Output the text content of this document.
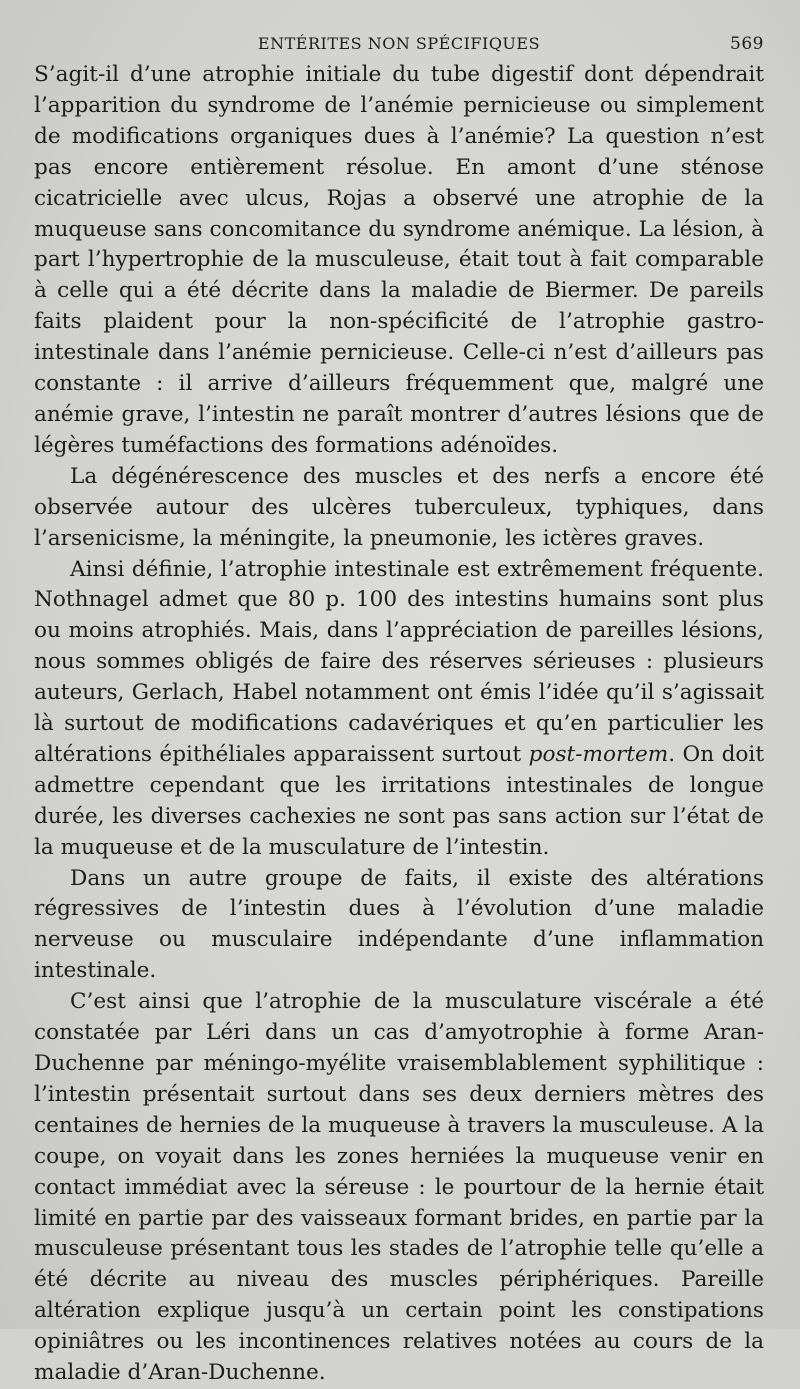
ENTÉRITES NON SPÉCIFIQUES	569

S’agit-il d’une atrophie initiale du tube digestif dont dépendrait l’apparition du syndrome de l’anémie pernicieuse ou simplement de modifications organiques dues à l’anémie? La question n’est pas encore entièrement résolue. En amont d’une sténose cicatricielle avec ulcus, Rojas a observé une atrophie de la muqueuse sans concomitance du syndrome anémique. La lésion, à part l’hypertrophie de la musculeuse, était tout à fait comparable à celle qui a été décrite dans la maladie de Biermer. De pareils faits plaident pour la non-spécificité de l’atrophie gastro-intestinale dans l’anémie pernicieuse. Celle-ci n’est d’ailleurs pas constante : il arrive d’ailleurs fréquemment que, malgré une anémie grave, l’intestin ne paraît montrer d’autres lésions que de légères tuméfactions des formations adénoïdes.

La dégénérescence des muscles et des nerfs a encore été observée autour des ulcères tuberculeux, typhiques, dans l’arsenicisme, la méningite, la pneumonie, les ictères graves.

Ainsi définie, l’atrophie intestinale est extrêmement fréquente. Nothnagel admet que 80 p. 100 des intestins humains sont plus ou moins atrophiés. Mais, dans l’appréciation de pareilles lésions, nous sommes obligés de faire des réserves sérieuses : plusieurs auteurs, Gerlach, Habel notamment ont émis l’idée qu’il s’agissait là surtout de modifications cadavériques et qu’en particulier les altérations épithéliales apparaissent surtout post-mortem. On doit admettre cependant que les irritations intestinales de longue durée, les diverses cachexies ne sont pas sans action sur l’état de la muqueuse et de la musculature de l’intestin.

Dans un autre groupe de faits, il existe des altérations régressives de l’intestin dues à l’évolution d’une maladie nerveuse ou musculaire indépendante d’une inflammation intestinale.

C’est ainsi que l’atrophie de la musculature viscérale a été constatée par Léri dans un cas d’amyotrophie à forme Aran-Duchenne par méningo-myélite vraisemblablement syphilitique : l’intestin présentait surtout dans ses deux derniers mètres des centaines de hernies de la muqueuse à travers la musculeuse. A la coupe, on voyait dans les zones herniées la muqueuse venir en contact immédiat avec la séreuse : le pourtour de la hernie était limité en partie par des vaisseaux formant brides, en partie par la musculeuse présentant tous les stades de l’atrophie telle qu’elle a été décrite au niveau des muscles périphériques. Pareille altération explique jusqu’à un certain point les constipations opiniâtres ou les incontinences relatives notées au cours de la maladie d’Aran-Duchenne.
